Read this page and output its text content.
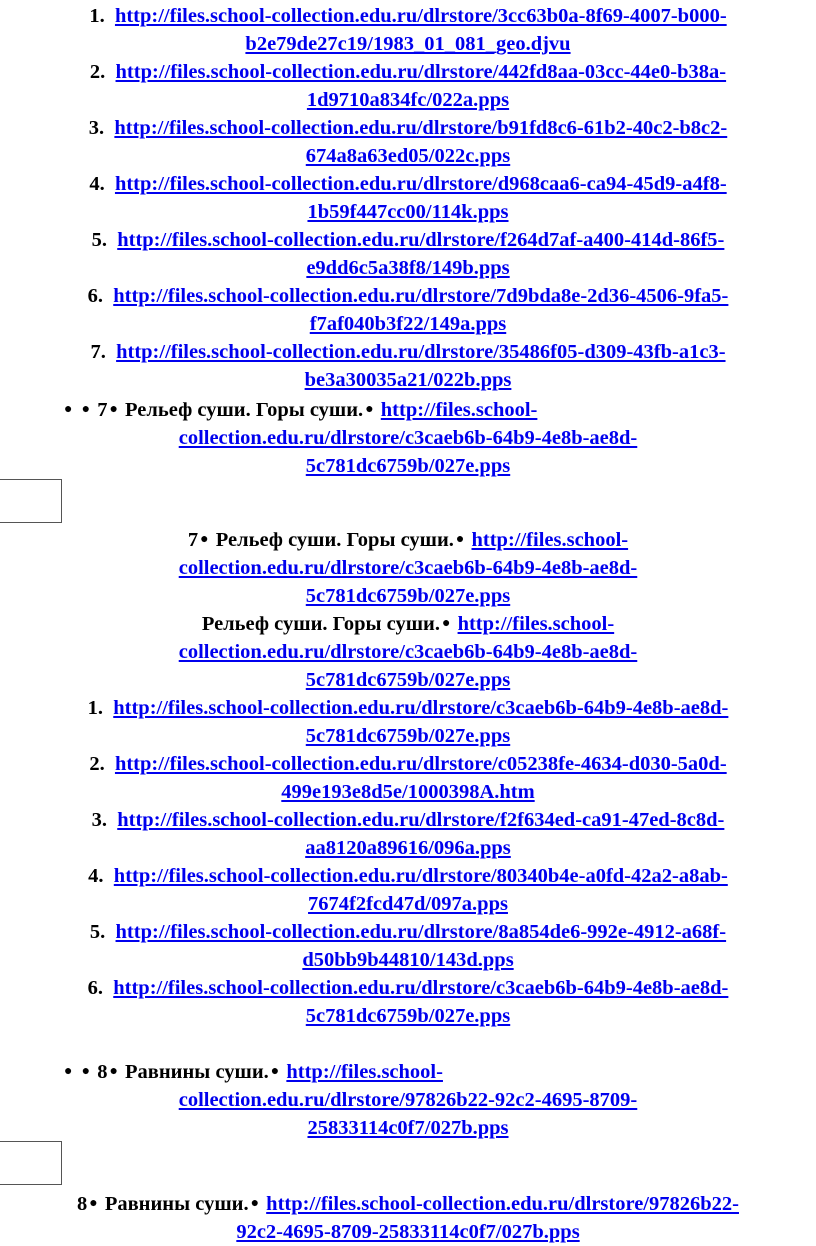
1. http://files.school-collection.edu.ru/dlrstore/3cc63b0a-8f69-4007-b000-
b2e79de27c19/1983_01_081_geo.djvu
2. http://files.school-collection.edu.ru/dlrstore/442fd8aa-03cc-44e0-b38a-
1d9710a834fc/022a.pps
3. http://files.school-collection.edu.ru/dlrstore/b91fd8c6-61b2-40c2-b8c2-
674a8a63ed05/022c.pps
4. http://files.school-collection.edu.ru/dlrstore/d968caa6-ca94-45d9-a4f8-
1b59f447cc00/114k.pps
5. http://files.school-collection.edu.ru/dlrstore/f264d7af-a400-414d-86f5-
e9dd6c5a38f8/149b.pps
6. http://files.school-collection.edu.ru/dlrstore/7d9bda8e-2d36-4506-9fa5-
f7af040b3f22/149a.pps
7. http://files.school-collection.edu.ru/dlrstore/35486f05-d309-43fb-a1c3-
be3a30035a21/022b.pps
● ● 7 ● Рельеф суши. Горы суши. ● http://files.school-
collection.edu.ru/dlrstore/c3caeb6b-64b9-4e8b-ae8d-
5c781dc6759b/027e.pps
7 ● Рельеф суши. Горы суши. ● http://files.school-
collection.edu.ru/dlrstore/c3caeb6b-64b9-4e8b-ae8d-
5c781dc6759b/027e.pps
Рельеф суши. Горы суши. ● http://files.school-
collection.edu.ru/dlrstore/c3caeb6b-64b9-4e8b-ae8d-
5c781dc6759b/027e.pps
1. http://files.school-collection.edu.ru/dlrstore/c3caeb6b-64b9-4e8b-ae8d-
5c781dc6759b/027e.pps
2. http://files.school-collection.edu.ru/dlrstore/c05238fe-4634-d030-5a0d-
499e193e8d5e/1000398A.htm
3. http://files.school-collection.edu.ru/dlrstore/f2f634ed-ca91-47ed-8c8d-
aa8120a89616/096a.pps
4. http://files.school-collection.edu.ru/dlrstore/80340b4e-a0fd-42a2-a8ab-
7674f2fcd47d/097a.pps
5. http://files.school-collection.edu.ru/dlrstore/8a854de6-992e-4912-a68f-
d50bb9b44810/143d.pps
6. http://files.school-collection.edu.ru/dlrstore/c3caeb6b-64b9-4e8b-ae8d-
5c781dc6759b/027e.pps
● ● 8 ● Равнины суши. ● http://files.school-
collection.edu.ru/dlrstore/97826b22-92c2-4695-8709-
25833114c0f7/027b.pps
8 ● Равнины суши. ● http://files.school-collection.edu.ru/dlrstore/97826b22-
92c2-4695-8709-25833114c0f7/027b.pps
